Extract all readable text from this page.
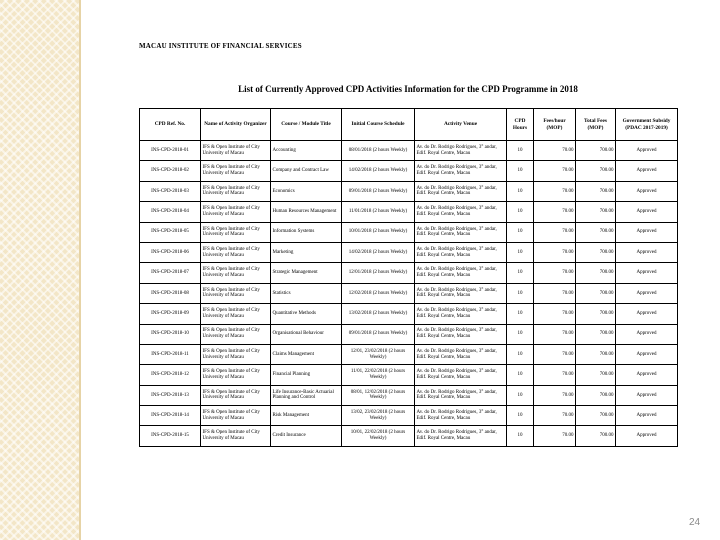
MACAU INSTITUTE OF FINANCIAL SERVICES
List of Currently Approved CPD Activities Information for the CPD Programme in 2018
CPD Ref. No.	Name of Activity Organizer	Course / Module Title	Initial Course Schedule	Activity Venue	CPD Hours	Fees/hour (MOP)	Total Fees (MOP)	Government Subsidy (PDAC 2017-2019)
INS-CPD-2018-01	IFS & Open Institute of City University of Macau	Accounting	08/01/2018 (2 hours Weekly)	Av. do Dr. Rodrigo Rodrigues, 3° andar, Edif. Royal Centre, Macau	10	70.00	700.00	Approved
INS-CPD-2018-02	IFS & Open Institute of City University of Macau	Company and Contract Law	14/02/2018 (2 hours Weekly)	Av. do Dr. Rodrigo Rodrigues, 3° andar, Edif. Royal Centre, Macau	10	70.00	700.00	Approved
INS-CPD-2018-03	IFS & Open Institute of City University of Macau	Economics	09/01/2018 (2 hours Weekly)	Av. do Dr. Rodrigo Rodrigues, 3° andar, Edif. Royal Centre, Macau	10	70.00	700.00	Approved
INS-CPD-2018-04	IFS & Open Institute of City University of Macau	Human Resources Management	11/01/2018 (2 hours Weekly)	Av. do Dr. Rodrigo Rodrigues, 3° andar, Edif. Royal Centre, Macau	10	70.00	700.00	Approved
INS-CPD-2018-05	IFS & Open Institute of City University of Macau	Information Systems	10/01/2018 (2 hours Weekly)	Av. do Dr. Rodrigo Rodrigues, 3° andar, Edif. Royal Centre, Macau	10	70.00	700.00	Approved
INS-CPD-2018-06	IFS & Open Institute of City University of Macau	Marketing	14/02/2018 (2 hours Weekly)	Av. do Dr. Rodrigo Rodrigues, 3° andar, Edif. Royal Centre, Macau	10	70.00	700.00	Approved
INS-CPD-2018-07	IFS & Open Institute of City University of Macau	Strategic Management	12/01/2018 (2 hours Weekly)	Av. do Dr. Rodrigo Rodrigues, 3° andar, Edif. Royal Centre, Macau	10	70.00	700.00	Approved
INS-CPD-2018-08	IFS & Open Institute of City University of Macau	Statistics	12/02/2018 (2 hours Weekly)	Av. do Dr. Rodrigo Rodrigues, 3° andar, Edif. Royal Centre, Macau	10	70.00	700.00	Approved
INS-CPD-2018-09	IFS & Open Institute of City University of Macau	Quantitative Methods	13/02/2018 (2 hours Weekly)	Av. do Dr. Rodrigo Rodrigues, 3° andar, Edif. Royal Centre, Macau	10	70.00	700.00	Approved
INS-CPD-2018-10	IFS & Open Institute of City University of Macau	Organisational Behaviour	09/01/2018 (2 hours Weekly)	Av. do Dr. Rodrigo Rodrigues, 3° andar, Edif. Royal Centre, Macau	10	70.00	700.00	Approved
INS-CPD-2018-11	IFS & Open Institute of City University of Macau	Claims Management	12/01, 23/02/2018 (2 hours Weekly)	Av. do Dr. Rodrigo Rodrigues, 3° andar, Edif. Royal Centre, Macau	10	70.00	700.00	Approved
INS-CPD-2018-12	IFS & Open Institute of City University of Macau	Financial Planning	11/01, 22/02/2018 (2 hours Weekly)	Av. do Dr. Rodrigo Rodrigues, 3° andar, Edif. Royal Centre, Macau	10	70.00	700.00	Approved
INS-CPD-2018-13	IFS & Open Institute of City University of Macau	Life Insurance-Basic Actuarial Planning and Control	08/01, 12/02/2018 (2 hours Weekly)	Av. do Dr. Rodrigo Rodrigues, 3° andar, Edif. Royal Centre, Macau	10	70.00	700.00	Approved
INS-CPD-2018-14	IFS & Open Institute of City University of Macau	Risk Management	13/02, 23/02/2018 (2 hours Weekly)	Av. do Dr. Rodrigo Rodrigues, 3° andar, Edif. Royal Centre, Macau	10	70.00	700.00	Approved
INS-CPD-2018-15	IFS & Open Institute of City University of Macau	Credit Insurance	10/01, 22/02/2018 (2 hours Weekly)	Av. do Dr. Rodrigo Rodrigues, 3° andar, Edif. Royal Centre, Macau	10	70.00	700.00	Approved
24
